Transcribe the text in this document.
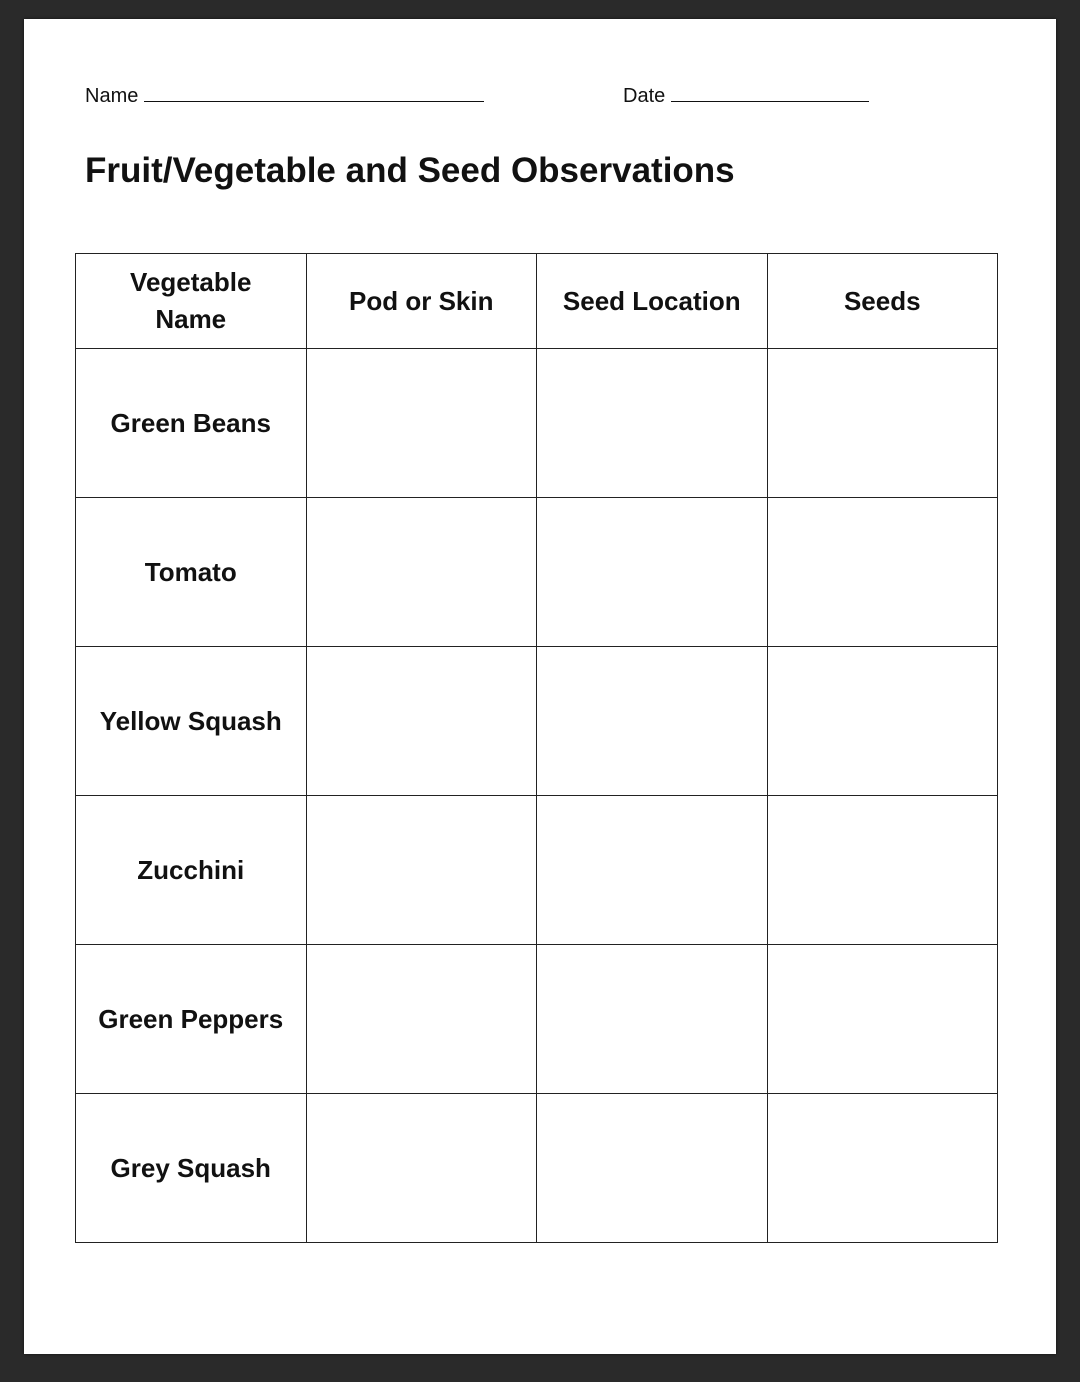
Name	Date
Fruit/Vegetable and Seed Observations
Vegetable Name	Pod or Skin	Seed Location	Seeds
Green Beans			
Tomato			
Yellow Squash			
Zucchini			
Green Peppers			
Grey Squash			
